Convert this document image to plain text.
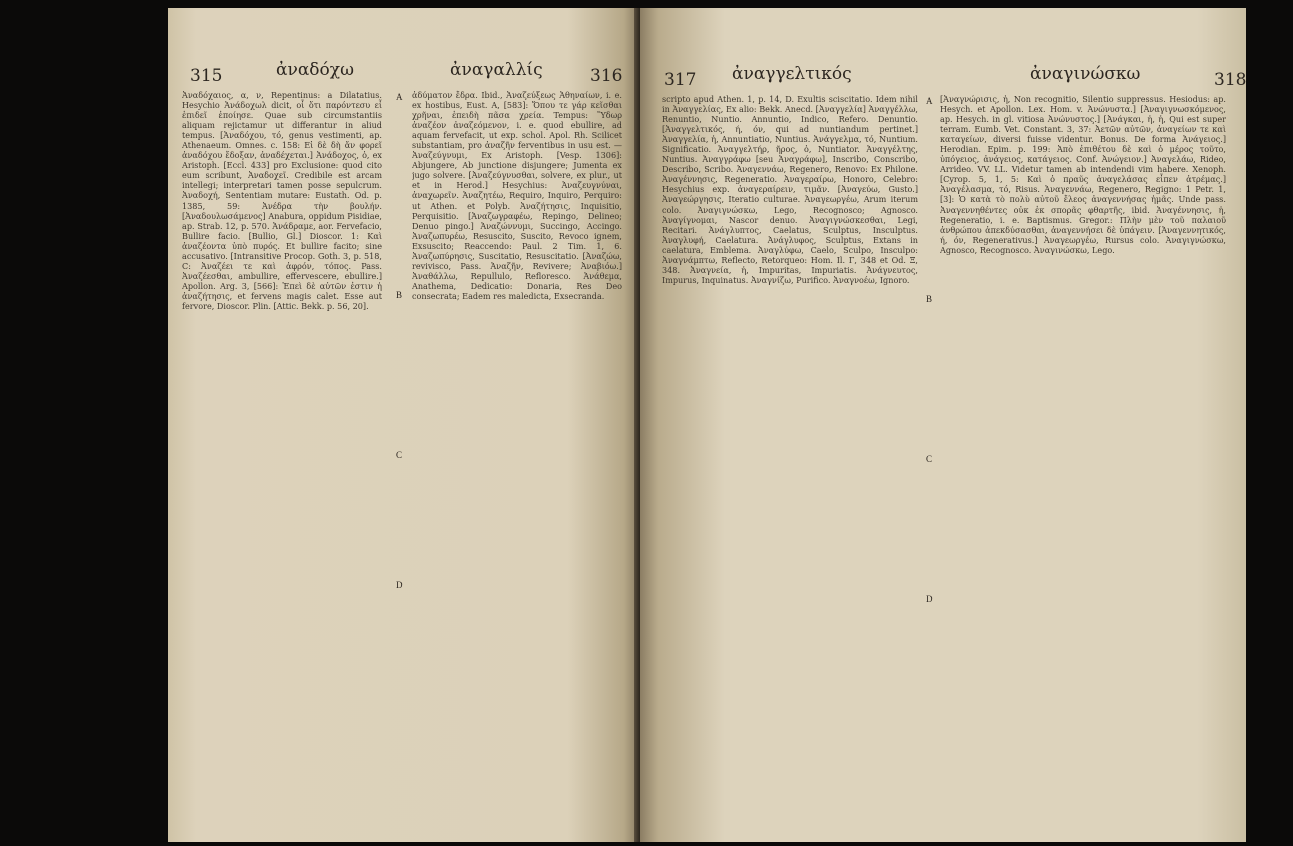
315	ἀναδόχω	ἀναγαλλίς	316

Ἀναδόχαιος, α, ν, Repentinus: a Dilatatius. Hesychio Ἀνάδοχωλ dicit, οἷ ὅτι παρόντεσυ εἶ ἐπιδεῖ ἐποίησε. Quae sub circumstantiis aliquam rejictamur ut differantur in aliud tempus. [Ἀναδόχου, τό, genus vestimenti, ap. Athenaeum. Omnes. c. 158: Εἰ δὲ δὴ ἄν φορεῖ ἀναδόχου ἔδοξαν, ἀναδέχεται.] Ἀνάδοχος, ὁ, ex Aristoph. [Eccl. 433] pro Exclusione: quod cito eum scribunt, Ἀναδοχεῖ. Credibile est arcam intellegi; interpretari tamen posse sepulcrum. Ἀναδοχή, Sententiam mutare: Eustath. Od. p. 1385, 59: Ἀνέδρα τὴν βουλήν. [Ἀναδουλωσάμενος] Anabura, oppidum Pisidiae, ap. Strab. 12, p. 570. Ἀνάδραμε, aor. Fervefacio, Bullire facio. [Bullio, Gl.] Dioscor. 1: Καὶ ἀναζέοντα ὑπὸ πυρός. Et bullire facito; sine accusativo. [Intransitive Procop. Goth. 3, p. 518, C: Ἀναζέει τε καὶ ἀφρόν, τόπος. Pass. Ἀναζέεσθαι, ambullire, effervescere, ebullire.] Apollon. Arg. 3, [566]: Ἐπεὶ δὲ αὐτῶν ἐστιν ἡ ἀναζήτησις, et fervens magis calet. Esse aut fervore, Dioscor. Plin. [Attic. Bekk. p. 56, 20].

A
B
C
D

ἀδύματον ἔδρα. Ibid., Ἀναζεύξεως Ἀθηναίων, i. e. ex hostibus, Eust. A, [583]: Ὅπου τε γάρ κεῖσθαι χρῆναι, ἐπειδὴ πᾶσα χρεία. Tempus: Ὕδωρ ἀναζέον ἀναζεόμενον, i. e. quod ebullire, ad aquam fervefacit, ut exp. schol. Apol. Rh. Scilicet substantiam, pro ἀναζῆν ferventibus in usu est. — Ἀναζεύγνυμι, Ex Aristoph. [Vesp. 1306]: Abjungere, Ab junctione disjungere; Jumenta ex jugo solvere. [Ἀναζεύγνυσθαι, solvere, ex plur., ut et in Herod.] Hesychius: Ἀναζευγνύναι, ἀναχωρεῖν. Ἀναζητέω, Requiro, Inquiro, Perquiro: ut Athen. et Polyb. Ἀναζήτησις, Inquisitio, Perquisitio. [Ἀναζωγραφέω, Repingo, Delineo; Denuo pingo.] Ἀναζώννυμι, Succingo, Accingo. Ἀναζωπυρέω, Resuscito, Suscito, Revoco ignem, Exsuscito; Reaccendo: Paul. 2 Tim. 1, 6. Ἀναζωπύρησις, Suscitatio, Resuscitatio. [Ἀναζώω, revivisco, Pass. Ἀναζῆν, Revivere; Ἀναβιόω.] Ἀναθάλλω, Repullulo, Refloresco. Ἀνάθεμα, Anathema, Dedicatio: Donaria, Res Deo consecrata; Eadem res maledicta, Exsecranda.

317 ἀναγγελτικός	ἀναγινώσκω	318

scripto apud Athen. 1, p. 14, D. Exultis sciscitatio. Idem nihil in Ἀναγγελίας, Ex alio: Bekk. Anecd. [Ἀναγγελία] Ἀναγγέλλω, Renuntio, Nuntio. Annuntio, Indico, Refero. Denuntio. [Ἀναγγελτικός, ή, όν, qui ad nuntiandum pertinet.] Ἀναγγελία, ἡ, Annuntiatio, Nuntius. Ἀνάγγελμα, τό, Nuntium. Significatio. Ἀναγγελτήρ, ῆρος, ὁ, Nuntiator. Ἀναγγέλτης, Nuntius. Ἀναγγράφω [seu Ἀναγράφω], Inscribo, Conscribo, Describo, Scribo. Ἀναγεννάω, Regenero, Renovo: Ex Philone. Ἀναγέννησις, Regeneratio. Ἀναγεραίρω, Honoro, Celebro: Hesychius exp. ἀναγεραίρειν, τιμᾶν. [Ἀναγεύω, Gusto.] Ἀναγεώργησις, Iteratio culturae. Ἀναγεωργέω, Arum iterum colo. Ἀναγιγνώσκω, Lego, Recognosco; Agnosco. Ἀναγίγνομαι, Nascor denuo. Ἀναγιγνώσκεσθαι, Legi, Recitari. Ἀνάγλυπτος, Caelatus, Sculptus, Insculptus. Ἀναγλυφή, Caelatura. Ἀνάγλυφος, Sculptus, Extans in caelatura, Emblema. Ἀναγλύφω, Caelo, Sculpo, Insculpo: Ἀναγνάμπτω, Reflecto, Retorqueo: Hom. Il. Γ, 348 et Od. Ξ, 348. Ἀναγνεία, ἡ, Impuritas, Impuriatis. Ἀνάγνευτος, Impurus, Inquinatus. Ἀναγνίζω, Purifico. Ἀναγνοέω, Ignoro.

A
B
C
D

[Ἀναγνώρισις, ἡ, Non recognitio, Silentio suppressus. Hesiodus: ap. Hesych. et Apollon. Lex. Hom. v. Ἀνώνυστα.] [Ἀναγιγνωσκόμενος, ap. Hesych. in gl. vitiosa Ἀνώνυστος.] [Ἀνάγκαι, ἡ, ἡ, Qui est super terram. Eumb. Vet. Constant. 3, 37: Ἀετῶν αὐτῶν, ἀναγείων τε καὶ καταγείων, diversi fuisse videntur. Bonus. De forma Ἀνάγειος.] Herodian. Epim. p. 199: Ἀπὸ ἐπιθέτου δὲ καὶ ὁ μέρος τοῦτο, ὑπόγειος, ἀνάγειος, κατάγειος. Conf. Ἀνώγειον.] Ἀναγελάω, Rideo, Arrideo. VV. LL. Videtur tamen ab intendendi vim habere. Xenoph. [Cyrop. 5, 1, 5: Καὶ ὁ πραῦς ἀναγελάσας εἶπεν ἀτρέμας.] Ἀναγέλασμα, τό, Risus. Ἀναγεννάω, Regenero, Regigno: 1 Petr. 1, [3]: Ὁ κατὰ τὸ πολὺ αὐτοῦ ἔλεος ἀναγεννήσας ἡμᾶς. Unde pass. Ἀναγεννηθέντες οὐκ ἐκ σπορᾶς φθαρτῆς, ibid. Ἀναγέννησις, ἡ, Regeneratio, i. e. Baptismus. Gregor.: Πλὴν μὲν τοῦ παλαιοῦ ἀνθρώπου ἀπεκδύσασθαι, ἀναγεννήσει δὲ ὑπάγειν. [Ἀναγεννητικός, ή, όν, Regenerativus.] Ἀναγεωργέω, Rursus colo. Ἀναγιγνώσκω, Agnosco, Recognosco. Ἀναγινώσκω, Lego.
